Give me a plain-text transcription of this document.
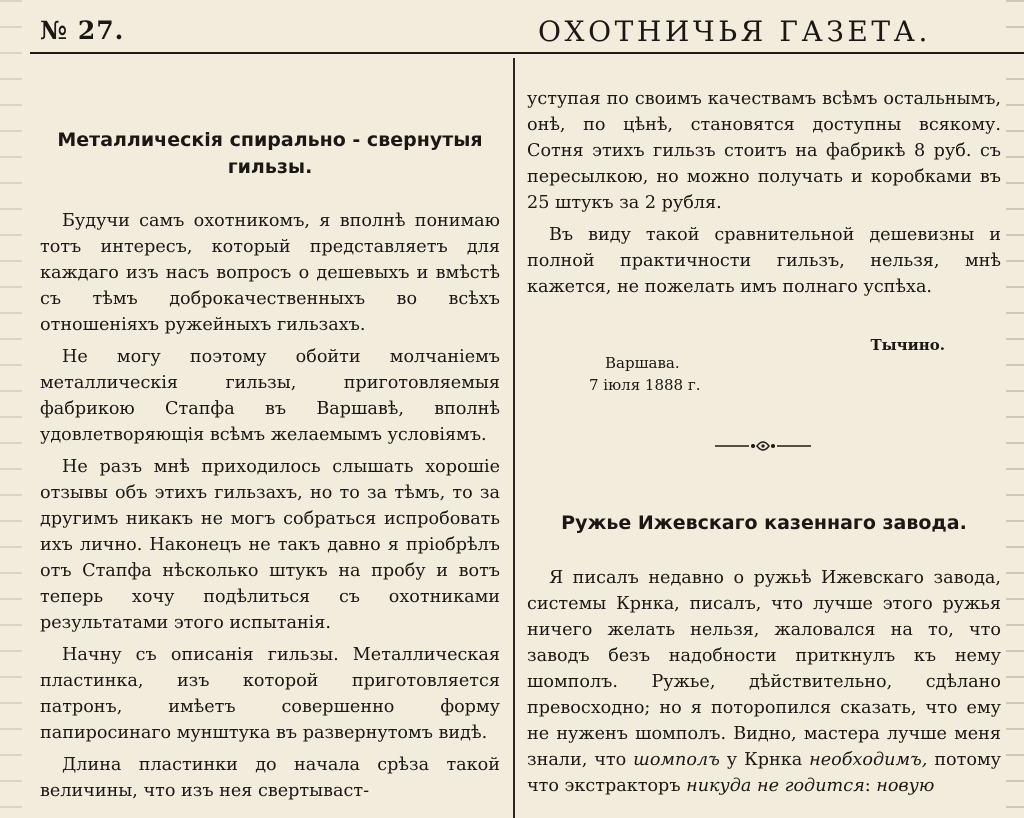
№ 27.	ОХОТНИЧЬЯ ГАЗЕТА.
Металлическiя спирально - свернутыя гильзы.

Будучи самъ охотникомъ, я вполнѣ понимаю тотъ интересъ, который представляетъ для каждаго изъ насъ вопросъ о дешевыхъ и вмѣстѣ съ тѣмъ доброкачественныхъ во всѣхъ отношенiяхъ ружейныхъ гильзахъ.

Не могу поэтому обойти молчанiемъ металлическiя гильзы, приготовляемыя фабрикою Стапфа въ Варшавѣ, вполнѣ удовлетворяющiя всѣмъ желаемымъ условiямъ.

Не разъ мнѣ приходилось слышать хорошiе отзывы объ этихъ гильзахъ, но то за тѣмъ, то за другимъ никакъ не могъ собраться испробовать ихъ лично. Наконецъ не такъ давно я прiобрѣлъ отъ Стапфа нѣсколько штукъ на пробу и вотъ теперь хочу подѣлиться съ охотниками результатами этого испытанiя.

Начну съ описанiя гильзы. Металлическая пластинка, изъ которой приготовляется патронъ, имѣетъ совершенно форму папиросинаго мунштука въ развернутомъ видѣ.

Длина пластинки до начала срѣза такой величины, что изъ нея свертываст-

уступая по своимъ качествамъ всѣмъ остальнымъ, онѣ, по цѣнѣ, становятся доступны всякому. Сотня этихъ гильзъ стоитъ на фабрикѣ 8 руб. съ пересылкою, но можно получать и коробками въ 25 штукъ за 2 рубля.

Въ виду такой сравнительной дешевизны и полной практичности гильзъ, нельзя, мнѣ кажется, не пожелать имъ полнаго успѣха.

Тычино.
Варшава.
7 iюля 1888 г.
Ружье Ижевскаго казеннаго завода.

Я писалъ недавно о ружьѣ Ижевскаго завода, системы Крнка, писалъ, что лучше этого ружья ничего желать нельзя, жаловался на то, что заводъ безъ надобности приткнулъ къ нему шомполъ. Ружье, дѣйствительно, сдѣлано превосходно; но я поторопился сказать, что ему не нуженъ шомполъ. Видно, мастера лучше меня знали, что шомполъ у Крнка необходимъ, потому что экстракторъ никуда не годится: новую
